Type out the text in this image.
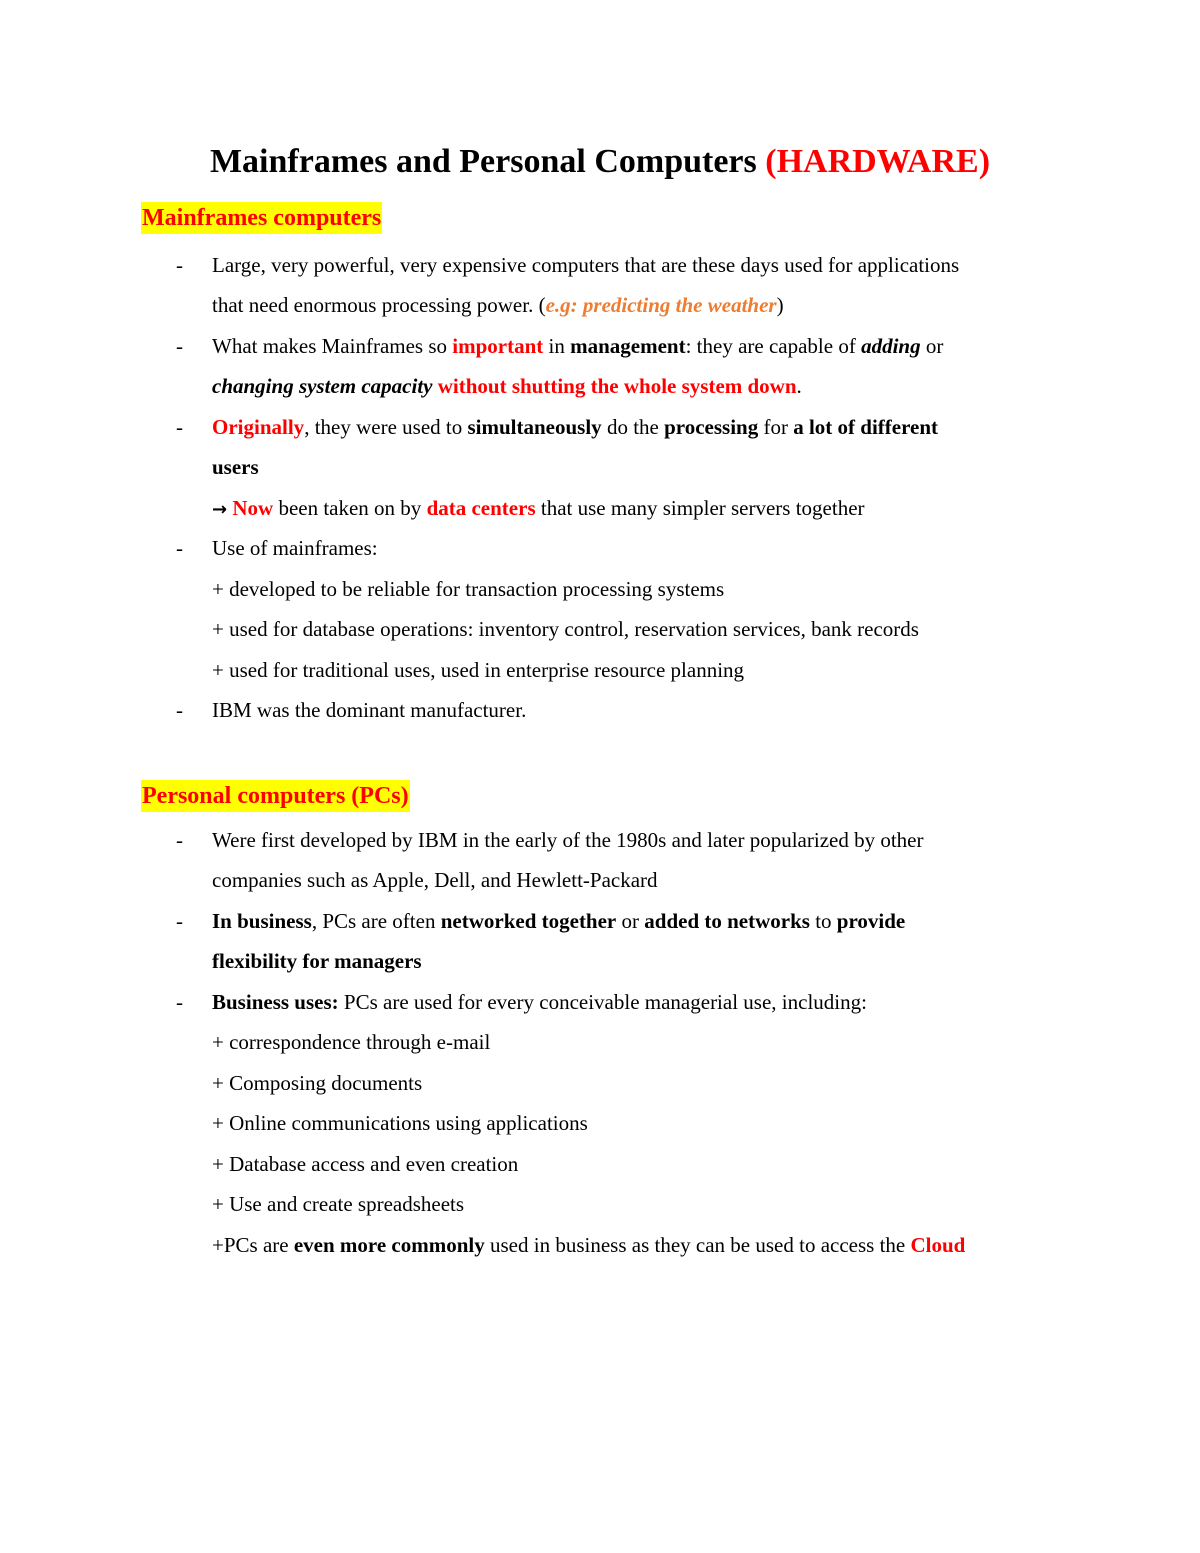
Mainframes and Personal Computers (HARDWARE)
Mainframes computers
- Large, very powerful, very expensive computers that are these days used for applications
that need enormous processing power. (e.g: predicting the weather)
- What makes Mainframes so important in management: they are capable of adding or
changing system capacity without shutting the whole system down.
- Originally, they were used to simultaneously do the processing for a lot of different
users
→ Now been taken on by data centers that use many simpler servers together
- Use of mainframes:
+ developed to be reliable for transaction processing systems
+ used for database operations: inventory control, reservation services, bank records
+ used for traditional uses, used in enterprise resource planning
- IBM was the dominant manufacturer.
Personal computers (PCs)
- Were first developed by IBM in the early of the 1980s and later popularized by other
companies such as Apple, Dell, and Hewlett-Packard
- In business, PCs are often networked together or added to networks to provide
flexibility for managers
- Business uses: PCs are used for every conceivable managerial use, including:
+ correspondence through e-mail
+ Composing documents
+ Online communications using applications
+ Database access and even creation
+ Use and create spreadsheets
+PCs are even more commonly used in business as they can be used to access the Cloud
